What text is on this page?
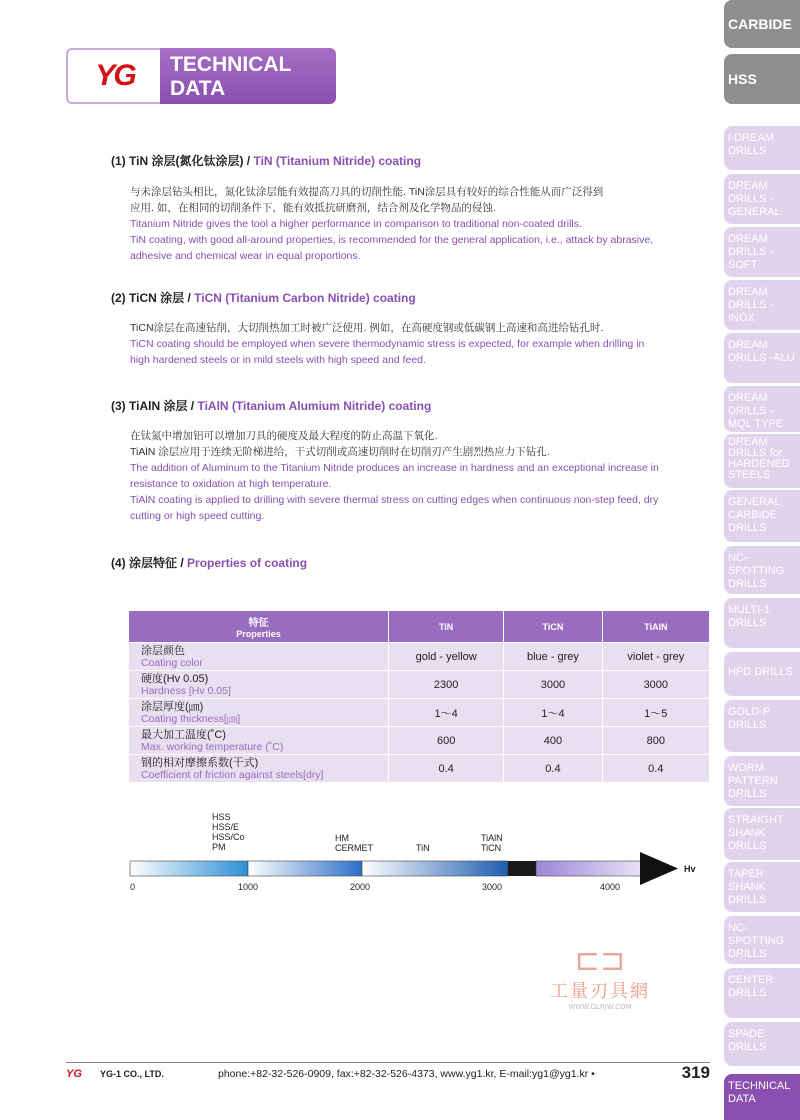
YG TECHNICAL
DATA
CARBIDE
HSS
i-DREAM DRILLS
DREAM DRILLS -GENERAL
DREAM DRILLS -SOFT
DREAM DRILLS -INOX
DREAM DRILLS -ALU
DREAM DRILLS -MQL TYPE
DREAM DRILLS for HARDENED STEELS
GENERAL CARBIDE DRILLS
NC-SPOTTING DRILLS
MULTI-1 DRILLS
HPD DRILLS
GOLD-P DRILLS
WORM PATTERN DRILLS
STRAIGHT SHANK DRILLS
TAPER SHANK DRILLS
NC-SPOTTING DRILLS
CENTER DRILLS
SPADE DRILLS
TECHNICAL DATA
(1) TiN 涂层(氮化钛涂层) / TiN (Titanium Nitride) coating
与未涂层钻头相比，氮化钛涂层能有效提高刀具的切削性能. TiN涂层具有较好的综合性能从而广泛得到
应用. 如，在相同的切削条件下，能有效抵抗研磨剂，结合剂及化学物品的侵蚀.
Titanium Nitride gives the tool a higher performance in comparison to traditional non-coated drills.
TiN coating, with good all-around properties, is recommended for the general application, i.e., attack by abrasive,
adhesive and chemical wear in equal proportions.
(2) TiCN 涂层 / TiCN (Titanium Carbon Nitride) coating
TiCN涂层在高速钻削，大切削热加工时被广泛使用. 例如，在高硬度钢或低碳钢上高速和高进给钻孔时.
TiCN coating should be employed when severe thermodynamic stress is expected, for example when drilling in
high hardened steels or in mild steels with high speed and feed.
(3) TiAlN 涂层 / TiAlN (Titanium Alumium Nitride) coating
在钛氮中增加铝可以增加刀具的硬度及最大程度的防止高温下氧化.
TiAlN 涂层应用于连续无阶梯进给，干式切削或高速切削时在切削刃产生剧烈热应力下钻孔.
The addition of Aluminum to the Titanium Nitride produces an increase in hardness and an exceptional increase in
resistance to oxidation at high temperature.
TiAlN coating is applied to drilling with severe thermal stress on cutting edges when continuous non-step feed, dry
cutting or high speed cutting.
(4) 涂层特征 / Properties of coating
特征
Properties	TiN	TiCN	TiAlN

涂层颜色
Coating color	gold - yellow	blue - grey	violet - grey

硬度(Hv 0.05)
Hardness [Hv 0.05]	2300	3000	3000

涂层厚度(㎛)
Coating thickness[㎛]	1～4	1～4	1～5

最大加工温度(˚C)
Max. working temperature (˚C)	600	400	800

钢的相对摩擦系数(干式)
Coefficient of friction against steels[dry]	0.4	0.4	0.4
HSS
HSS/E
HSS/Co
PM
HM
CERMET	TiN
TiAlN
TiCN
Hv
0	1000	2000	3000	4000
⊏⊐
工量刃具網
WWW.GLRJW.COM
YG YG-1 CO., LTD.	phone:+82-32-526-0909, fax:+82-32-526-4373, www.yg1.kr, E-mail:yg1@yg1.kr •	319
